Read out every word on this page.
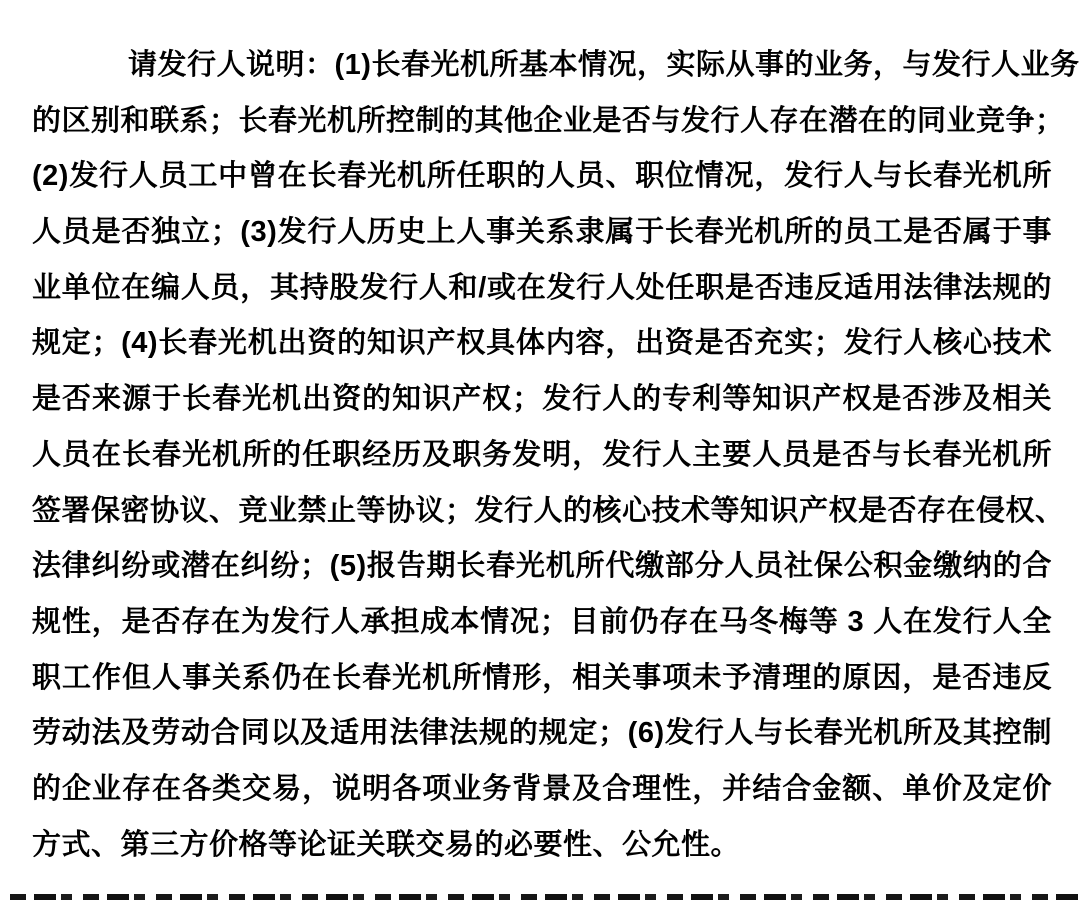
请发行人说明：(1)长春光机所基本情况，实际从事的业务，与发行人业务
的区别和联系；长春光机所控制的其他企业是否与发行人存在潜在的同业竞争；
(2)发行人员工中曾在长春光机所任职的人员、职位情况，发行人与长春光机所
人员是否独立；(3)发行人历史上人事关系隶属于长春光机所的员工是否属于事
业单位在编人员，其持股发行人和/或在发行人处任职是否违反适用法律法规的
规定；(4)长春光机出资的知识产权具体内容，出资是否充实；发行人核心技术
是否来源于长春光机出资的知识产权；发行人的专利等知识产权是否涉及相关
人员在长春光机所的任职经历及职务发明，发行人主要人员是否与长春光机所
签署保密协议、竞业禁止等协议；发行人的核心技术等知识产权是否存在侵权、
法律纠纷或潜在纠纷；(5)报告期长春光机所代缴部分人员社保公积金缴纳的合
规性，是否存在为发行人承担成本情况；目前仍存在马冬梅等 3 人在发行人全
职工作但人事关系仍在长春光机所情形，相关事项未予清理的原因，是否违反
劳动法及劳动合同以及适用法律法规的规定；(6)发行人与长春光机所及其控制
的企业存在各类交易，说明各项业务背景及合理性，并结合金额、单价及定价
方式、第三方价格等论证关联交易的必要性、公允性。
